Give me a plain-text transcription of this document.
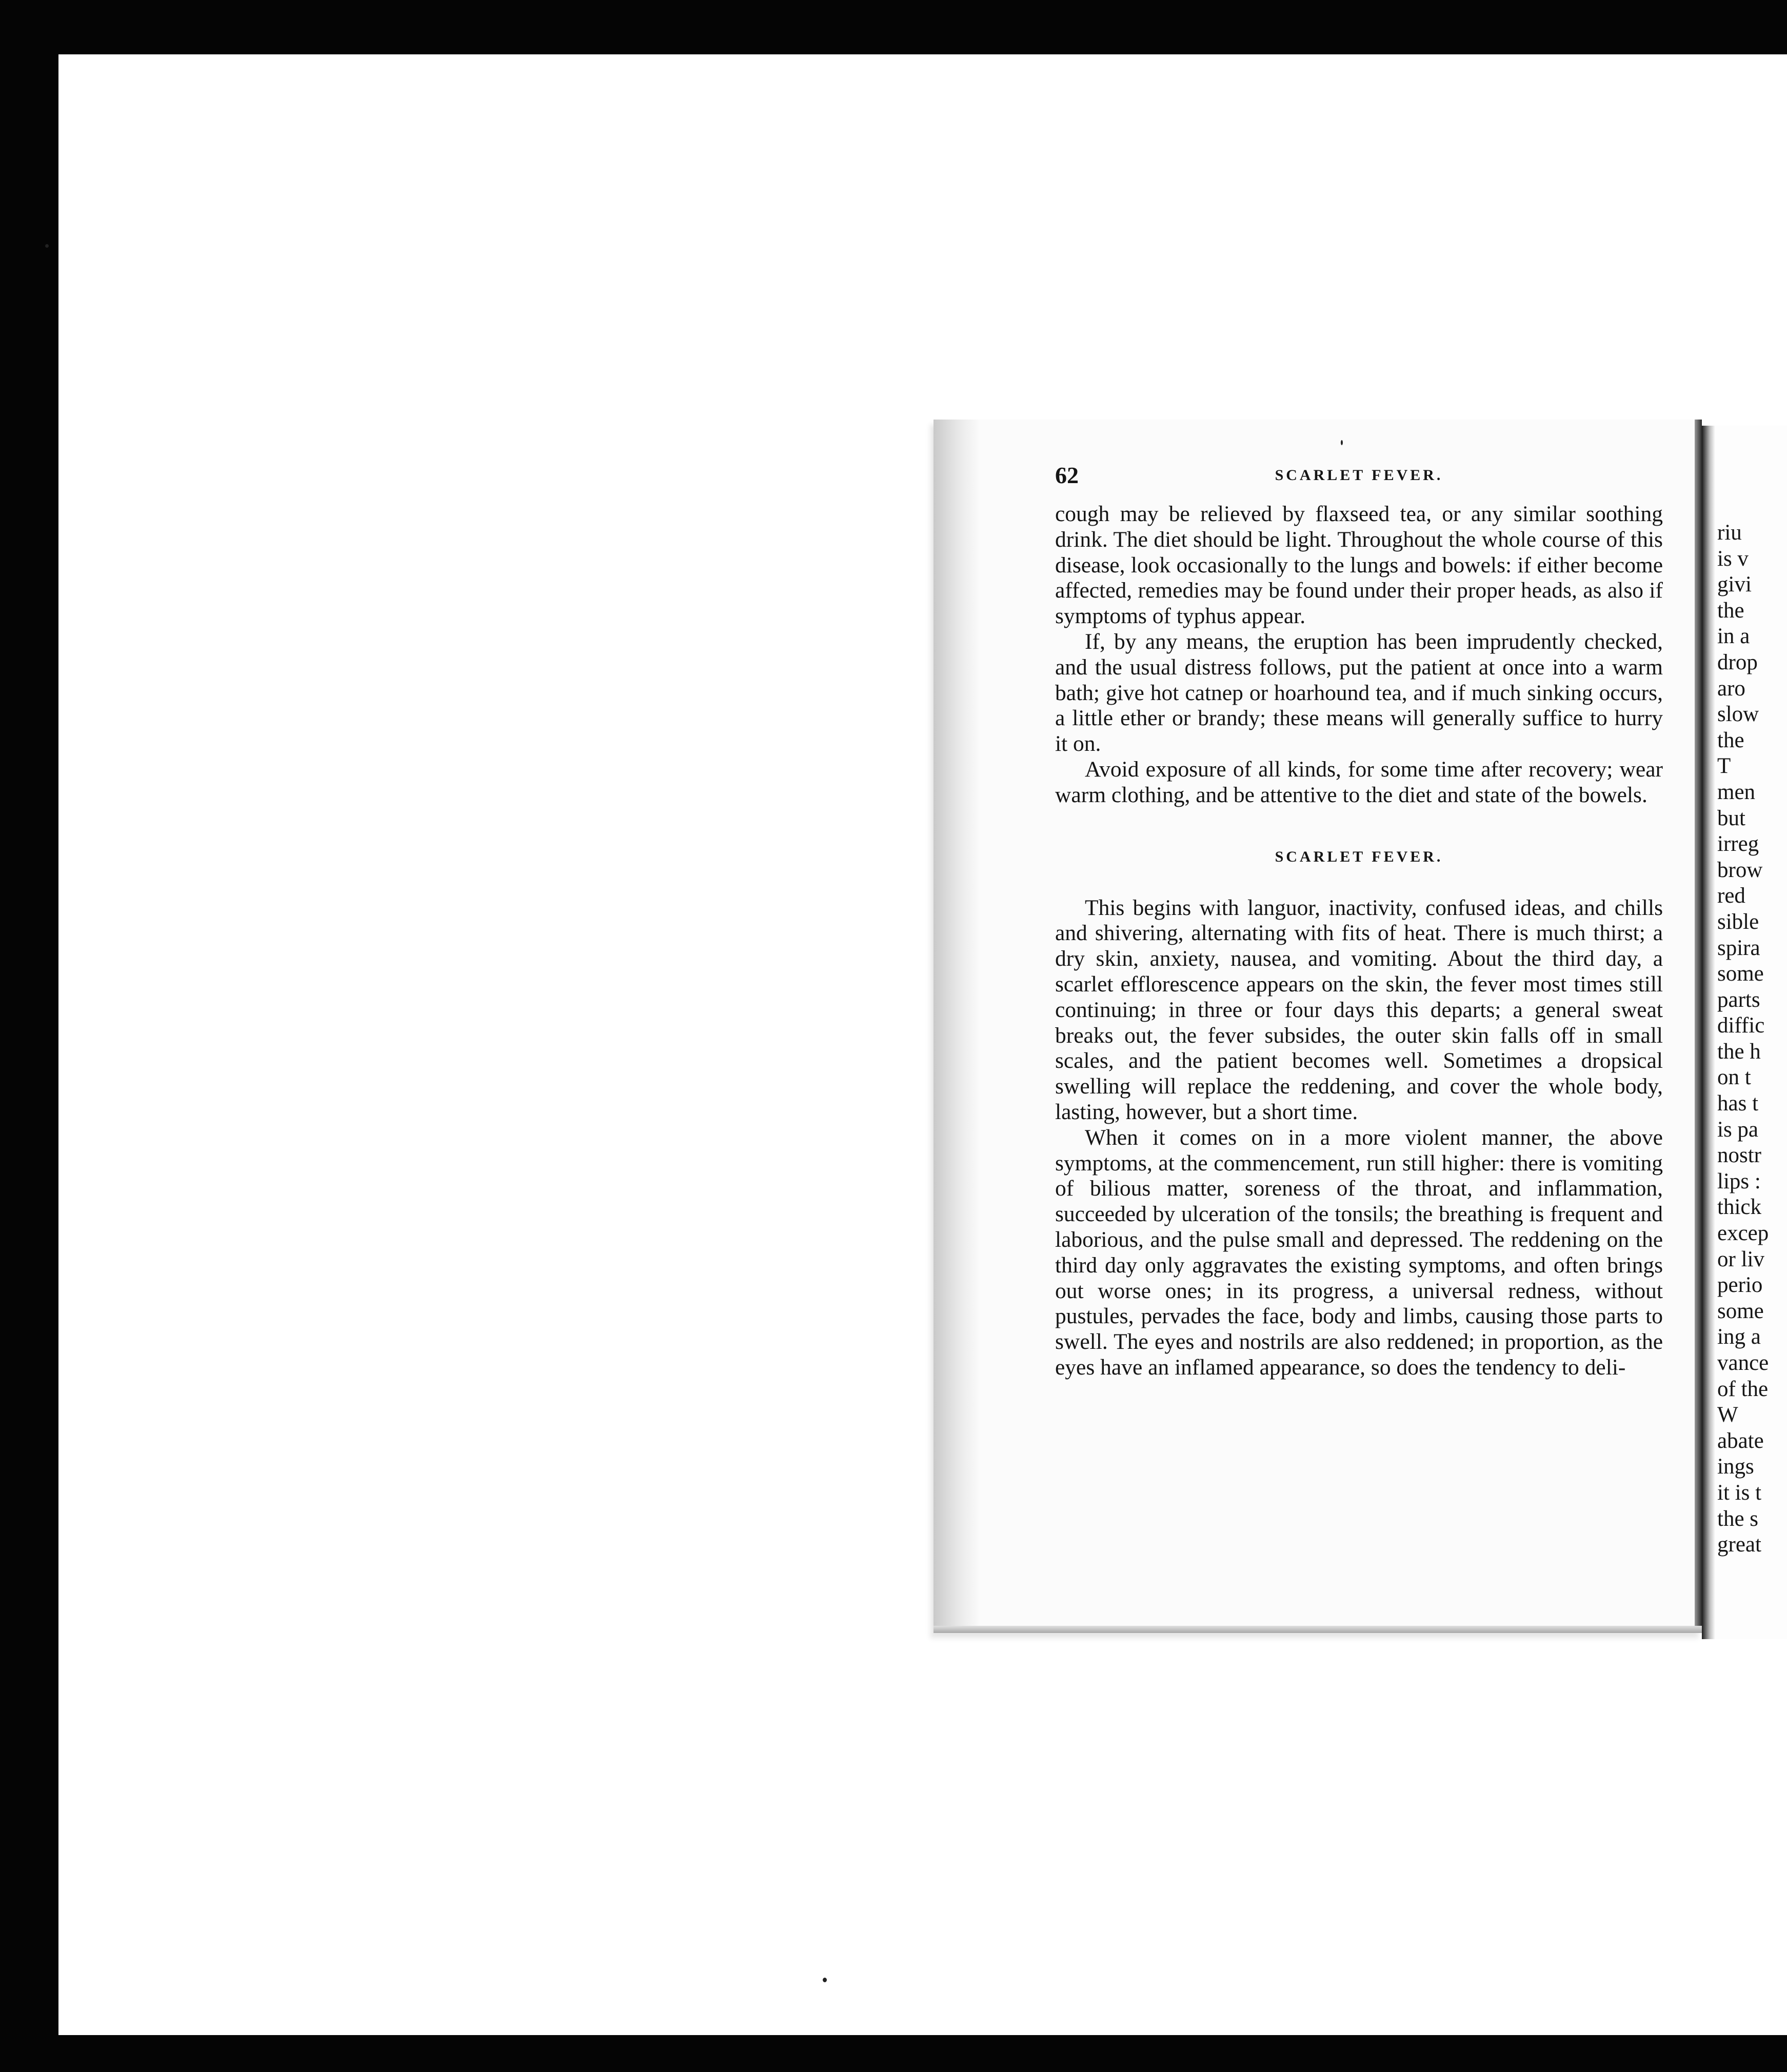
riu
is v
givi
the
in a
drop
aro
slow
the
T
men
but
irreg
brow
red
sible
spira
some
parts
diffic
the h
on t
has t
is pa
nostr
lips :
thick
excep
or liv
perio
some
ing a
vance
of the
W
abate
ings
it is t
the s
great
62	SCARLET FEVER.

cough may be relieved by flaxseed tea, or any similar soothing drink. The diet should be light. Throughout the whole course of this disease, look occasionally to the lungs and bowels: if either become affected, remedies may be found under their proper heads, as also if symptoms of typhus appear.

If, by any means, the eruption has been imprudently checked, and the usual distress follows, put the patient at once into a warm bath; give hot catnep or hoarhound tea, and if much sinking occurs, a little ether or brandy; these means will generally suffice to hurry it on.

Avoid exposure of all kinds, for some time after recovery; wear warm clothing, and be attentive to the diet and state of the bowels.

SCARLET FEVER.

This begins with languor, inactivity, confused ideas, and chills and shivering, alternating with fits of heat. There is much thirst; a dry skin, anxiety, nausea, and vomiting. About the third day, a scarlet efflorescence appears on the skin, the fever most times still continuing; in three or four days this departs; a general sweat breaks out, the fever subsides, the outer skin falls off in small scales, and the patient becomes well. Sometimes a dropsical swelling will replace the reddening, and cover the whole body, lasting, however, but a short time.

When it comes on in a more violent manner, the above symptoms, at the commencement, run still higher: there is vomiting of bilious matter, soreness of the throat, and inflammation, succeeded by ulceration of the tonsils; the breathing is frequent and laborious, and the pulse small and depressed. The reddening on the third day only aggravates the existing symptoms, and often brings out worse ones; in its progress, a universal redness, without pustules, pervades the face, body and limbs, causing those parts to swell. The eyes and nostrils are also reddened; in proportion, as the eyes have an inflamed appearance, so does the tendency to deli-
